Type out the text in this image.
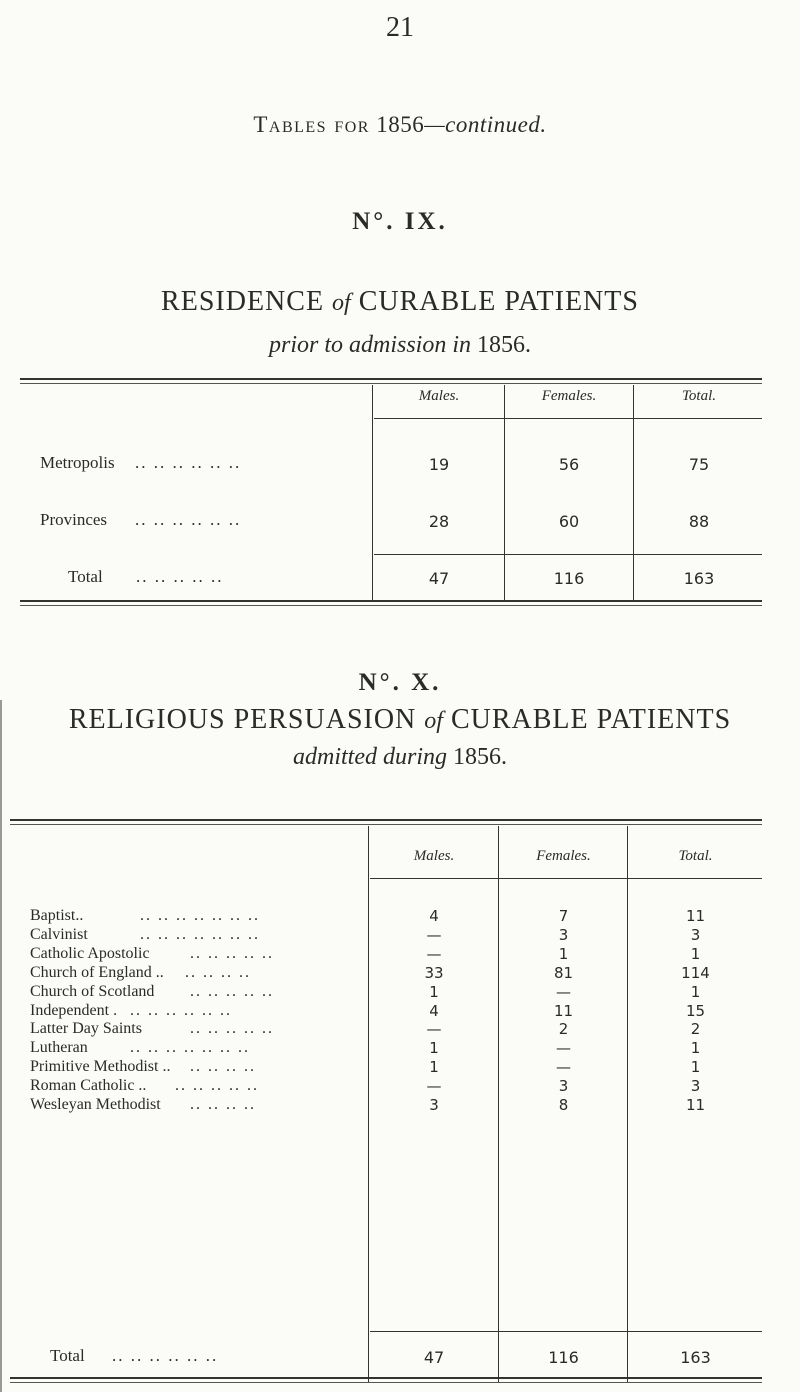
21
Tables for 1856—continued.
N°. IX.
RESIDENCE of CURABLE PATIENTS
prior to admission in 1856.
Males.	Females.	Total.
Metropolis .. .. .. .. .. ..	19	56	75
Provinces .. .. .. .. .. ..	28	60	88
Total .. .. .. .. ..	47	116	163
N°. X.
RELIGIOUS PERSUASION of CURABLE PATIENTS
admitted during 1856.
Males.	Females.	Total.
Baptist..	.. .. .. .. .. .. ..	4	7	11
Calvinist	.. .. .. .. .. .. ..	—	3	3
Catholic Apostolic	.. .. .. .. ..	—	1	1
Church of England .. .. .. .. ..	33	81	114
Church of Scotland .. .. .. .. ..	1	—	1
Independent . .. .. .. .. .. ..	4	11	15
Latter Day Saints	.. .. .. .. ..	—	2	2
Lutheran	.. .. .. .. .. .. ..	1	—	1
Primitive Methodist .. .. .. .. ..	1	—	1
Roman Catholic .. .. .. .. .. ..	—	3	3
Wesleyan Methodist .. .. .. ..	3	8	11
Total .. .. .. .. .. ..	47	116	163
